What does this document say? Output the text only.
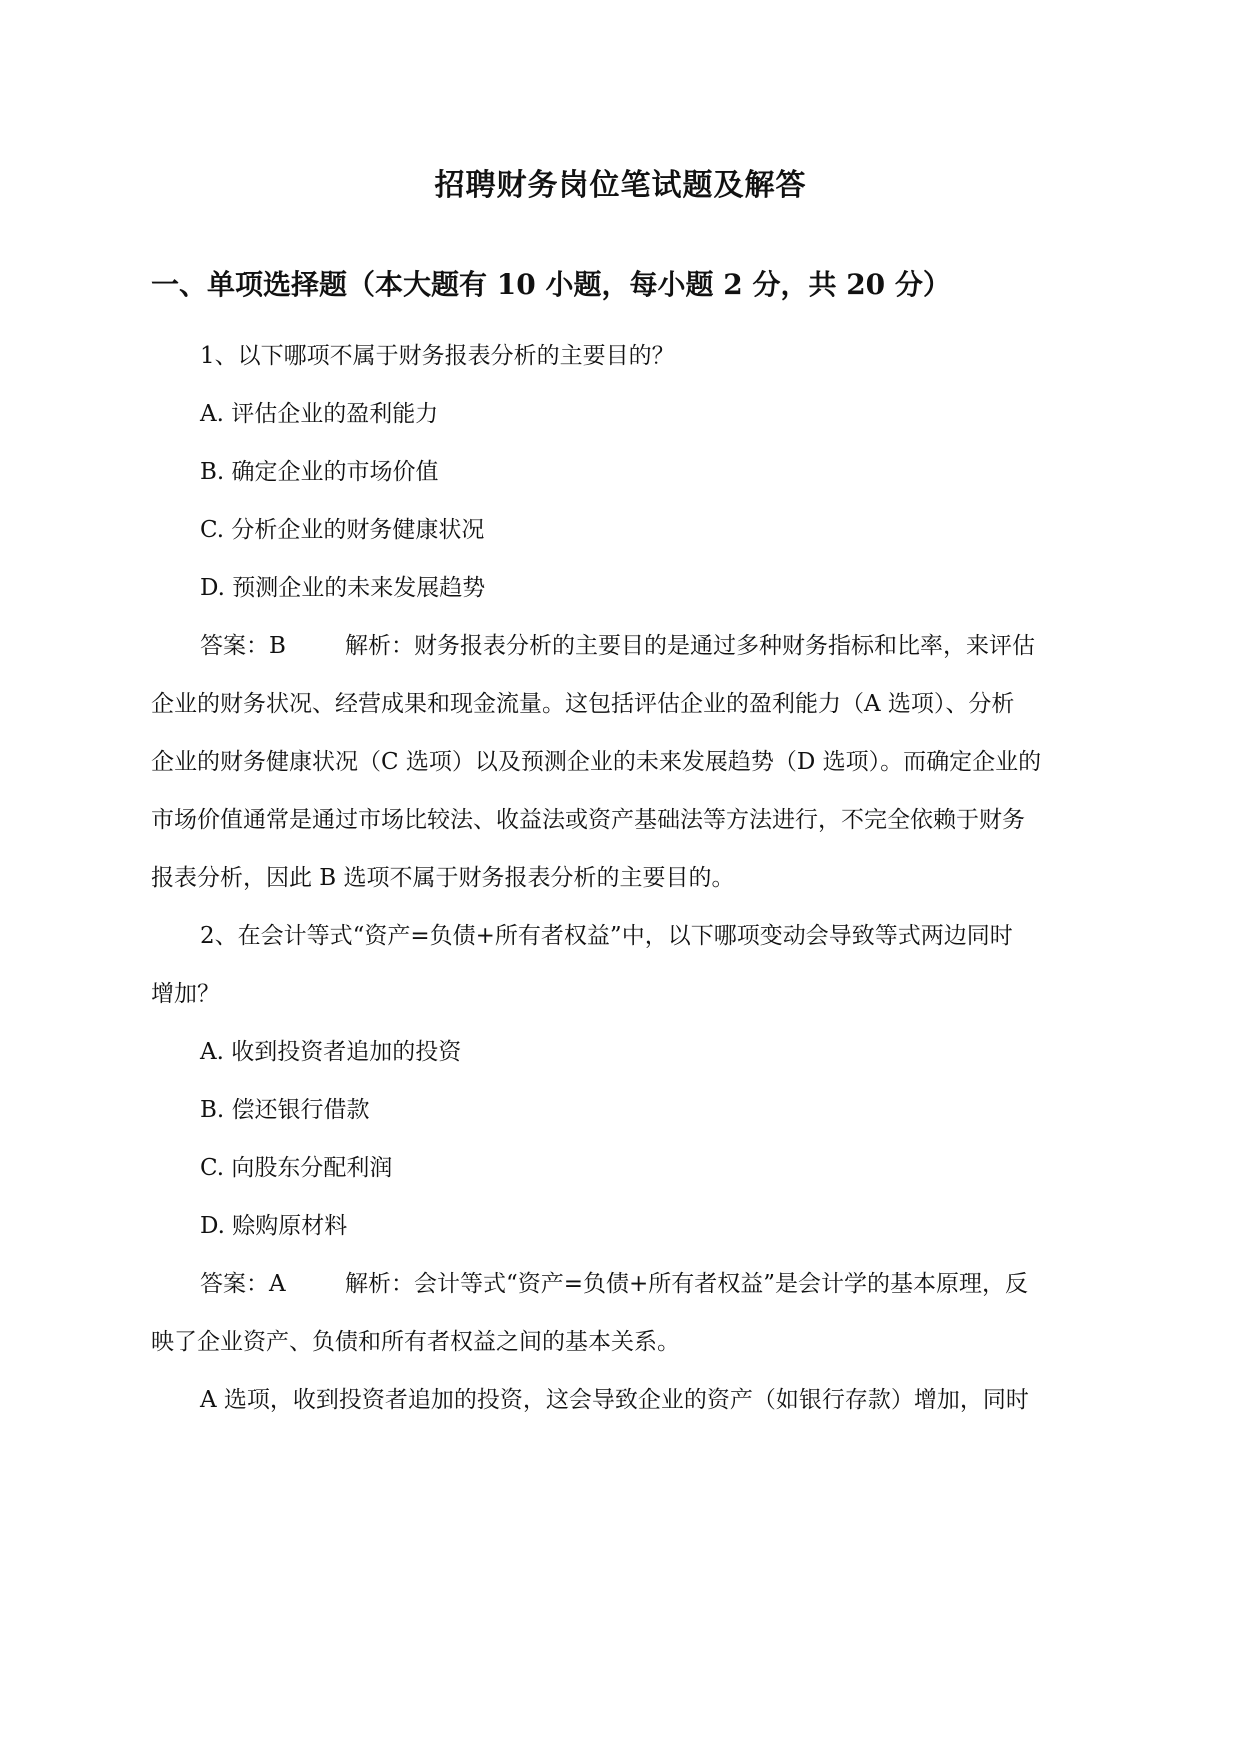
招聘财务岗位笔试题及解答
一、单项选择题（本大题有 10 小题，每小题 2 分，共 20 分）
1、以下哪项不属于财务报表分析的主要目的？
A. 评估企业的盈利能力
B. 确定企业的市场价值
C. 分析企业的财务健康状况
D. 预测企业的未来发展趋势
答案：B	解析：财务报表分析的主要目的是通过多种财务指标和比率，来评估
企业的财务状况、经营成果和现金流量。这包括评估企业的盈利能力（A 选项）、分析
企业的财务健康状况（C 选项）以及预测企业的未来发展趋势（D 选项）。而确定企业的
市场价值通常是通过市场比较法、收益法或资产基础法等方法进行，不完全依赖于财务
报表分析，因此 B 选项不属于财务报表分析的主要目的。
2、在会计等式“资产=负债+所有者权益”中，以下哪项变动会导致等式两边同时
增加？
A. 收到投资者追加的投资
B. 偿还银行借款
C. 向股东分配利润
D. 赊购原材料
答案：A	解析：会计等式“资产=负债+所有者权益”是会计学的基本原理，反
映了企业资产、负债和所有者权益之间的基本关系。
A 选项，收到投资者追加的投资，这会导致企业的资产（如银行存款）增加，同时
